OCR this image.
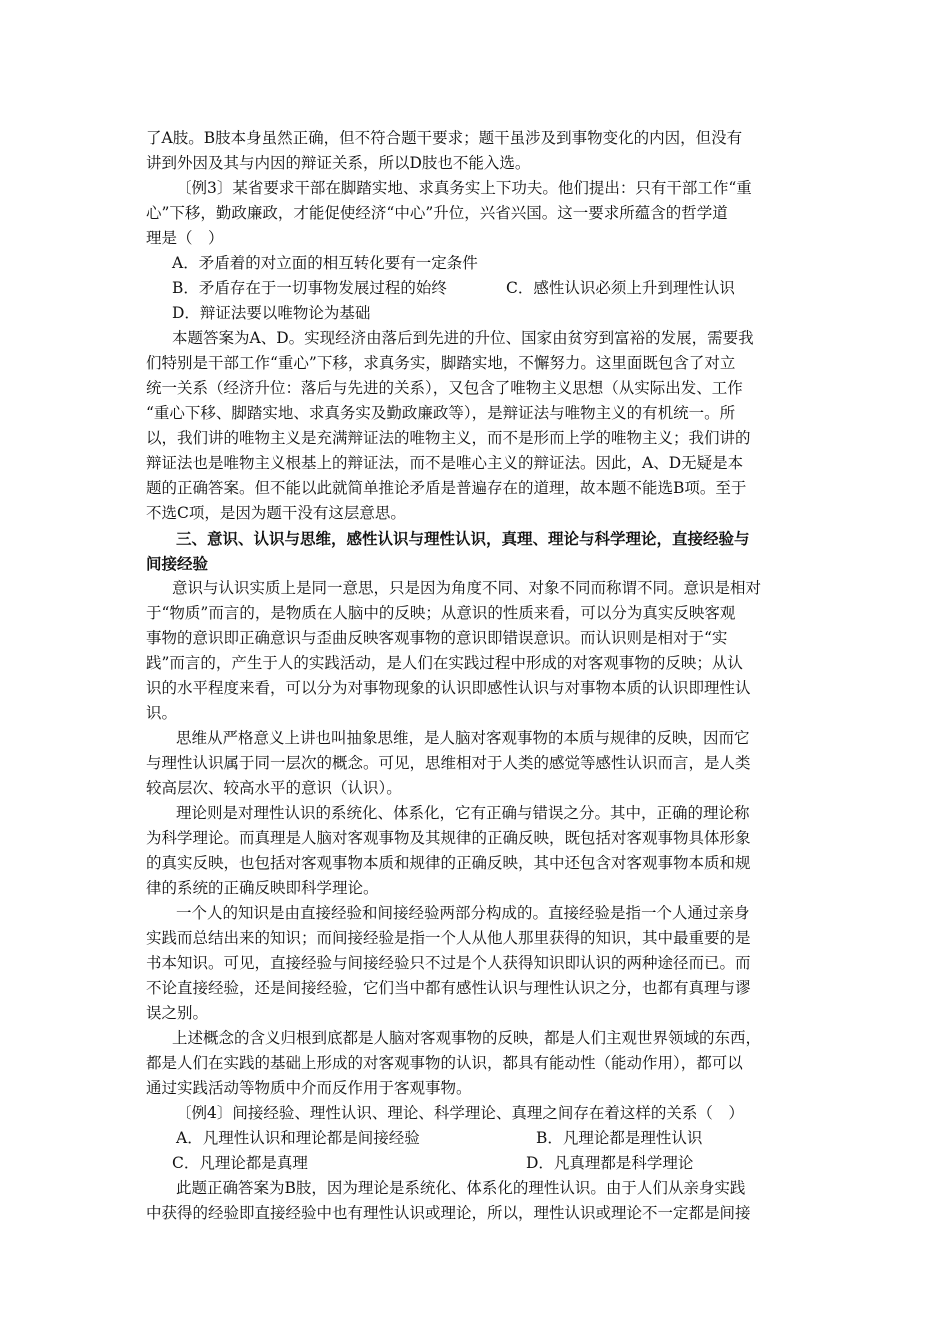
了A肢。B肢本身虽然正确，但不符合题干要求；题干虽涉及到事物变化的内因，但没有
讲到外因及其与内因的辩证关系，所以D肢也不能入选。
〔例3〕某省要求干部在脚踏实地、求真务实上下功夫。他们提出：只有干部工作“重
心”下移，勤政廉政，才能促使经济“中心”升位，兴省兴国。这一要求所蕴含的哲学道
理是（　）
A．矛盾着的对立面的相互转化要有一定条件
B．矛盾存在于一切事物发展过程的始终	C．感性认识必须上升到理性认识
D．辩证法要以唯物论为基础
本题答案为A、D。实现经济由落后到先进的升位、国家由贫穷到富裕的发展，需要我
们特别是干部工作“重心”下移，求真务实，脚踏实地，不懈努力。这里面既包含了对立
统一关系（经济升位：落后与先进的关系），又包含了唯物主义思想（从实际出发、工作
“重心下移、脚踏实地、求真务实及勤政廉政等），是辩证法与唯物主义的有机统一。所
以，我们讲的唯物主义是充满辩证法的唯物主义，而不是形而上学的唯物主义；我们讲的
辩证法也是唯物主义根基上的辩证法，而不是唯心主义的辩证法。因此，A、D无疑是本
题的正确答案。但不能以此就简单推论矛盾是普遍存在的道理，故本题不能选B项。至于
不选C项，是因为题干没有这层意思。
三、意识、认识与思维，感性认识与理性认识，真理、理论与科学理论，直接经验与
间接经验
意识与认识实质上是同一意思，只是因为角度不同、对象不同而称谓不同。意识是相对
于“物质”而言的，是物质在人脑中的反映；从意识的性质来看，可以分为真实反映客观
事物的意识即正确意识与歪曲反映客观事物的意识即错误意识。而认识则是相对于“实
践”而言的，产生于人的实践活动，是人们在实践过程中形成的对客观事物的反映；从认
识的水平程度来看，可以分为对事物现象的认识即感性认识与对事物本质的认识即理性认
识。
思维从严格意义上讲也叫抽象思维，是人脑对客观事物的本质与规律的反映，因而它
与理性认识属于同一层次的概念。可见，思维相对于人类的感觉等感性认识而言，是人类
较高层次、较高水平的意识（认识）。
理论则是对理性认识的系统化、体系化，它有正确与错误之分。其中，正确的理论称
为科学理论。而真理是人脑对客观事物及其规律的正确反映，既包括对客观事物具体形象
的真实反映，也包括对客观事物本质和规律的正确反映，其中还包含对客观事物本质和规
律的系统的正确反映即科学理论。
一个人的知识是由直接经验和间接经验两部分构成的。直接经验是指一个人通过亲身
实践而总结出来的知识；而间接经验是指一个人从他人那里获得的知识，其中最重要的是
书本知识。可见，直接经验与间接经验只不过是个人获得知识即认识的两种途径而已。而
不论直接经验，还是间接经验，它们当中都有感性认识与理性认识之分，也都有真理与谬
误之别。
上述概念的含义归根到底都是人脑对客观事物的反映，都是人们主观世界领域的东西，
都是人们在实践的基础上形成的对客观事物的认识，都具有能动性（能动作用），都可以
通过实践活动等物质中介而反作用于客观事物。
〔例4〕间接经验、理性认识、理论、科学理论、真理之间存在着这样的关系（　）
A．凡理性认识和理论都是间接经验	B．凡理论都是理性认识
C．凡理论都是真理	D．凡真理都是科学理论
此题正确答案为B肢，因为理论是系统化、体系化的理性认识。由于人们从亲身实践
中获得的经验即直接经验中也有理性认识或理论，所以，理性认识或理论不一定都是间接
